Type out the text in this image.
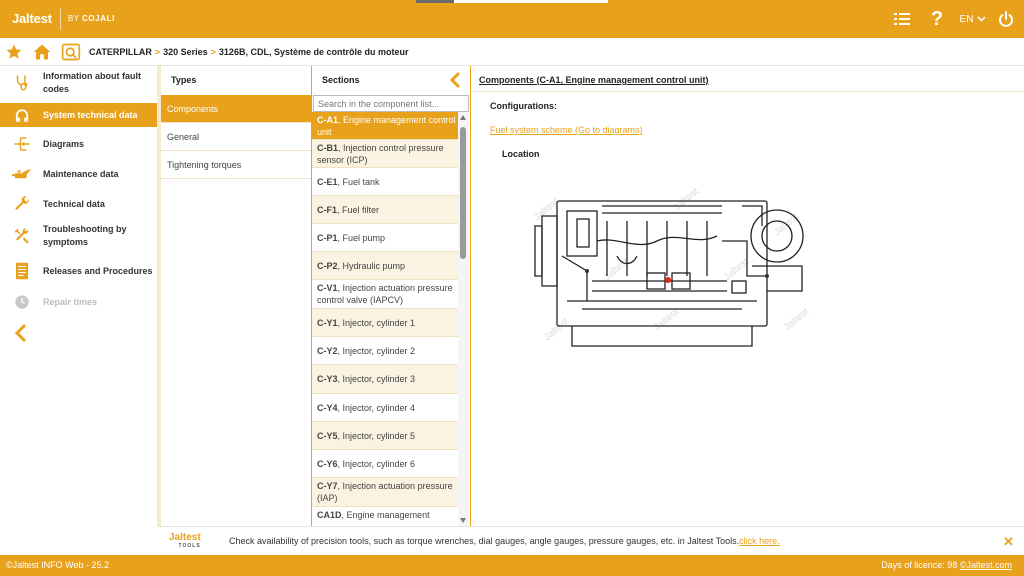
Jaltest BY COJALI	? EN
CATERPILLAR > 320 Series > 3126B, CDL, Système de contrôle du moteur
Information about fault codes
System technical data
Diagrams
Maintenance data
Technical data
Troubleshooting by symptoms
Releases and Procedures
Repair times
Types
Components
General
Tightening torques
Sections
Search in the component list...
C-A1, Engine management control unit
C-B1, Injection control pressure sensor (ICP)
C-E1, Fuel tank
C-F1, Fuel filter
C-P1, Fuel pump
C-P2, Hydraulic pump
C-V1, Injection actuation pressure control valve (IAPCV)
C-Y1, Injector, cylinder 1
C-Y2, Injector, cylinder 2
C-Y3, Injector, cylinder 3
C-Y4, Injector, cylinder 4
C-Y5, Injector, cylinder 5
C-Y6, Injector, cylinder 6
C-Y7, Injection actuation pressure (IAP)
CA1D, Engine management
Components (C-A1, Engine management control unit)
Configurations:
Fuel system scheme (Go to diagrams)
Location
Jaltest	Jaltest
Jaltest
Jaltest	Jaltest	Jaltest
Jaltest	Jaltest
Jaltest
TOOLS	Check availability of precision tools, such as torque wrenches, dial gauges, angle gauges, pressure gauges, etc. in Jaltest Tools.click here.	✕
©Jaltest INFO Web - 25.2	Days of licence: 98 ©Jaltest.com
